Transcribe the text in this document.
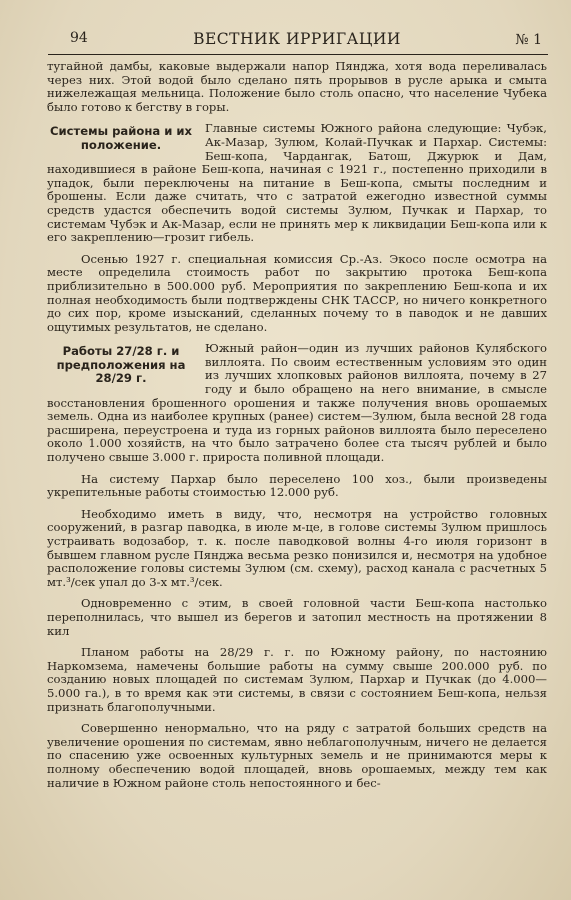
94	ВЕСТНИК ИРРИГАЦИИ	№ 1

тугайной дамбы, каковые выдержали напор Пянджа, хотя вода переливалась через них. Этой водой было сделано пять прорывов в русле арыка и смыта нижележащая мельница. Положение было столь опасно, что население Чубека было готово к бегству в горы.

Системы района и их положение.
Главные системы Южного района следующие: Чубэк, Ак-Мазар, Зулюм, Колай-Пучкак и Пархар. Системы: Беш-копа, Чардангак, Батош, Джурюк и Дам, находившиеся в районе Беш-копа, начиная с 1921 г., постепенно приходили в упадок, были переключены на питание в Беш-копа, смыты последним и брошены. Если даже считать, что с затратой ежегодно известной суммы средств удастся обеспечить водой системы Зулюм, Пучкак и Пархар, то системам Чубэк и Ак-Мазар, если не принять мер к ликвидации Беш-копа или к его закреплению—грозит гибель.

Осенью 1927 г. специальная комиссия Ср.-Аз. Экосо после осмотра на месте определила стоимость работ по закрытию протока Беш-копа приблизительно в 500.000 руб. Мероприятия по закреплению Беш-копа и их полная необходимость были подтверждены СНК ТАССР, но ничего конкретного до сих пор, кроме изысканий, сделанных почему то в паводок и не давших ощутимых результатов, не сделано.

Работы 27/28 г. и предположения на 28/29 г.
Южный район—один из лучших районов Кулябского виллоята. По своим естественным условиям это один из лучших хлопковых районов виллоята, почему в 27 году и было обращено на него внимание, в смысле восстановления брошенного орошения и также получения вновь орошаемых земель. Одна из наиболее крупных (ранее) систем—Зулюм, была весной 28 года расширена, переустроена и туда из горных районов виллоята было переселено около 1.000 хозяйств, на что было затрачено более ста тысяч рублей и было получено свыше 3.000 г. прироста поливной площади.

На систему Пархар было переселено 100 хоз., были произведены укрепительные работы стоимостью 12.000 руб.

Необходимо иметь в виду, что, несмотря на устройство головных сооружений, в разгар паводка, в июле м-це, в голове системы Зулюм пришлось устраивать водозабор, т. к. после паводковой волны 4-го июля горизонт в бывшем главном русле Пянджа весьма резко понизился и, несмотря на удобное расположение головы системы Зулюм (см. схему), расход канала с расчетных 5 мт.³/сек упал до 3-х мт.³/сек.

Одновременно с этим, в своей головной части Беш-копа настолько переполнилась, что вышел из берегов и затопил местность на протяжении 8 кил

Планом работы на 28/29 г. г. по Южному району, по настоянию Наркомзема, намечены большие работы на сумму свыше 200.000 руб. по созданию новых площадей по системам Зулюм, Пархар и Пучкак (до 4.000—5.000 га.), в то время как эти системы, в связи с состоянием Беш-копа, нельзя признать благополучными.

Совершенно ненормально, что на ряду с затратой больших средств на увеличение орошения по системам, явно неблагополучным, ничего не делается по спасению уже освоенных культурных земель и не принимаются меры к полному обеспечению водой площадей, вновь орошаемых, между тем как наличие в Южном районе столь непостоянного и бес-
